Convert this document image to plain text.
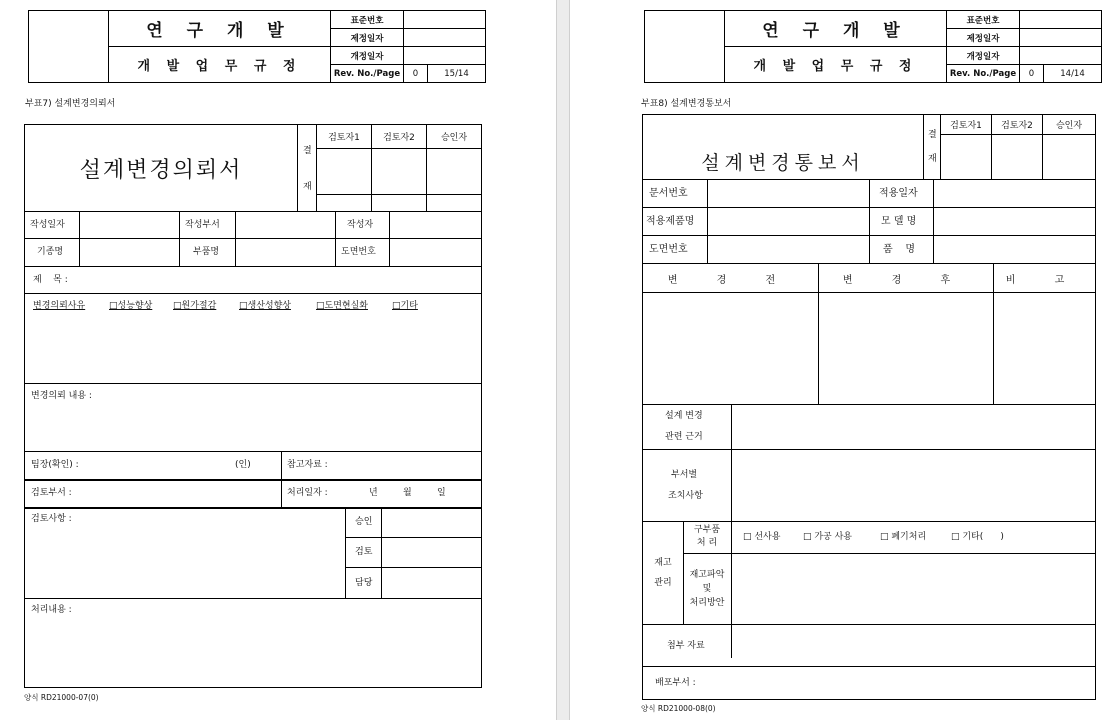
연 구 개 발
개 발 업 무 규 정
표준번호
제정일자
개정일자
Rev. No./Page	0	15/14
부표7) 설계변경의뢰서
설계변경의뢰서
결
재
검토자1	검토자2	승인자
작성일자	작성부서	작성자
기종명	부품명	도면번호
제    목 :
변경의뢰사유	□성능향상 □원가절감	□생산성향상	□도면현실화	□기타
변경의뢰 내용 :
팀장(확인) :	(인)	참고자료 :
검토부서 :	처리일자 :	년	월	일
검토사항 :	승인
검토
담당
처리내용 :
양식 RD21000-07(0)
연 구 개 발
개 발 업 무 규 정
표준번호
제정일자
개정일자
Rev. No./Page	0	14/14
부표8) 설계변경통보서
설계변경통보서
결
재
검토자1	검토자2	승인자
문서번호	적용일자
적용제품명	모 델 명
도면번호	품    명
변 경 전	변 경 후	비 고
설계 변경
관련 근거
부서별
조치사항
재고
관리
구부품
처 리
□ 선사용	□ 가공 사용	□ 폐기처리	□ 기타(      )
재고파악
및
처리방안
첨부 자료
배포부서 :
양식 RD21000-08(0)
